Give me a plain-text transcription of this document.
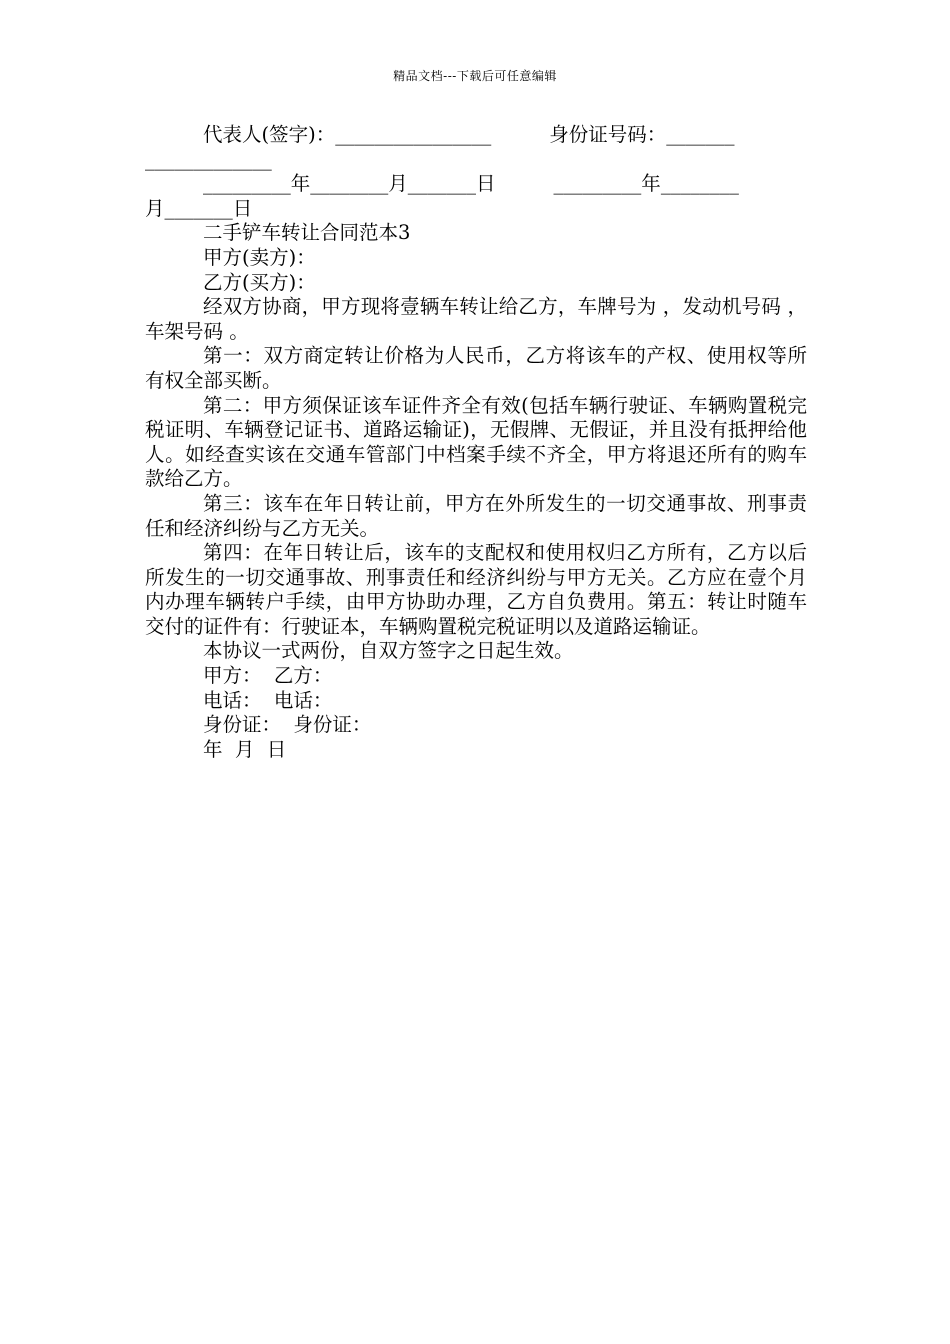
精品文档---下载后可任意编辑
代表人(签字)：________________	身份证号码：_______
_____________
_________年________月_______日	_________年________
月_______日
二手铲车转让合同范本3
甲方(卖方)：
乙方(买方)：
经双方协商，甲方现将壹辆车转让给乙方，车牌号为 ，发动机号码 ，车架号码 。
第一：双方商定转让价格为人民币，乙方将该车的产权、使用权等所有权全部买断。
第二：甲方须保证该车证件齐全有效(包括车辆行驶证、车辆购置税完税证明、车辆登记证书、道路运输证)，无假牌、无假证，并且没有抵押给他人。如经查实该在交通车管部门中档案手续不齐全，甲方将退还所有的购车款给乙方。
第三：该车在年日转让前，甲方在外所发生的一切交通事故、刑事责任和经济纠纷与乙方无关。
第四：在年日转让后，该车的支配权和使用权归乙方所有，乙方以后所发生的一切交通事故、刑事责任和经济纠纷与甲方无关。乙方应在壹个月内办理车辆转户手续，由甲方协助办理，乙方自负费用。第五：转让时随车交付的证件有：行驶证本，车辆购置税完税证明以及道路运输证。
本协议一式两份，自双方签字之日起生效。
甲方： 乙方：
电话： 电话：
身份证： 身份证：
年  月  日
